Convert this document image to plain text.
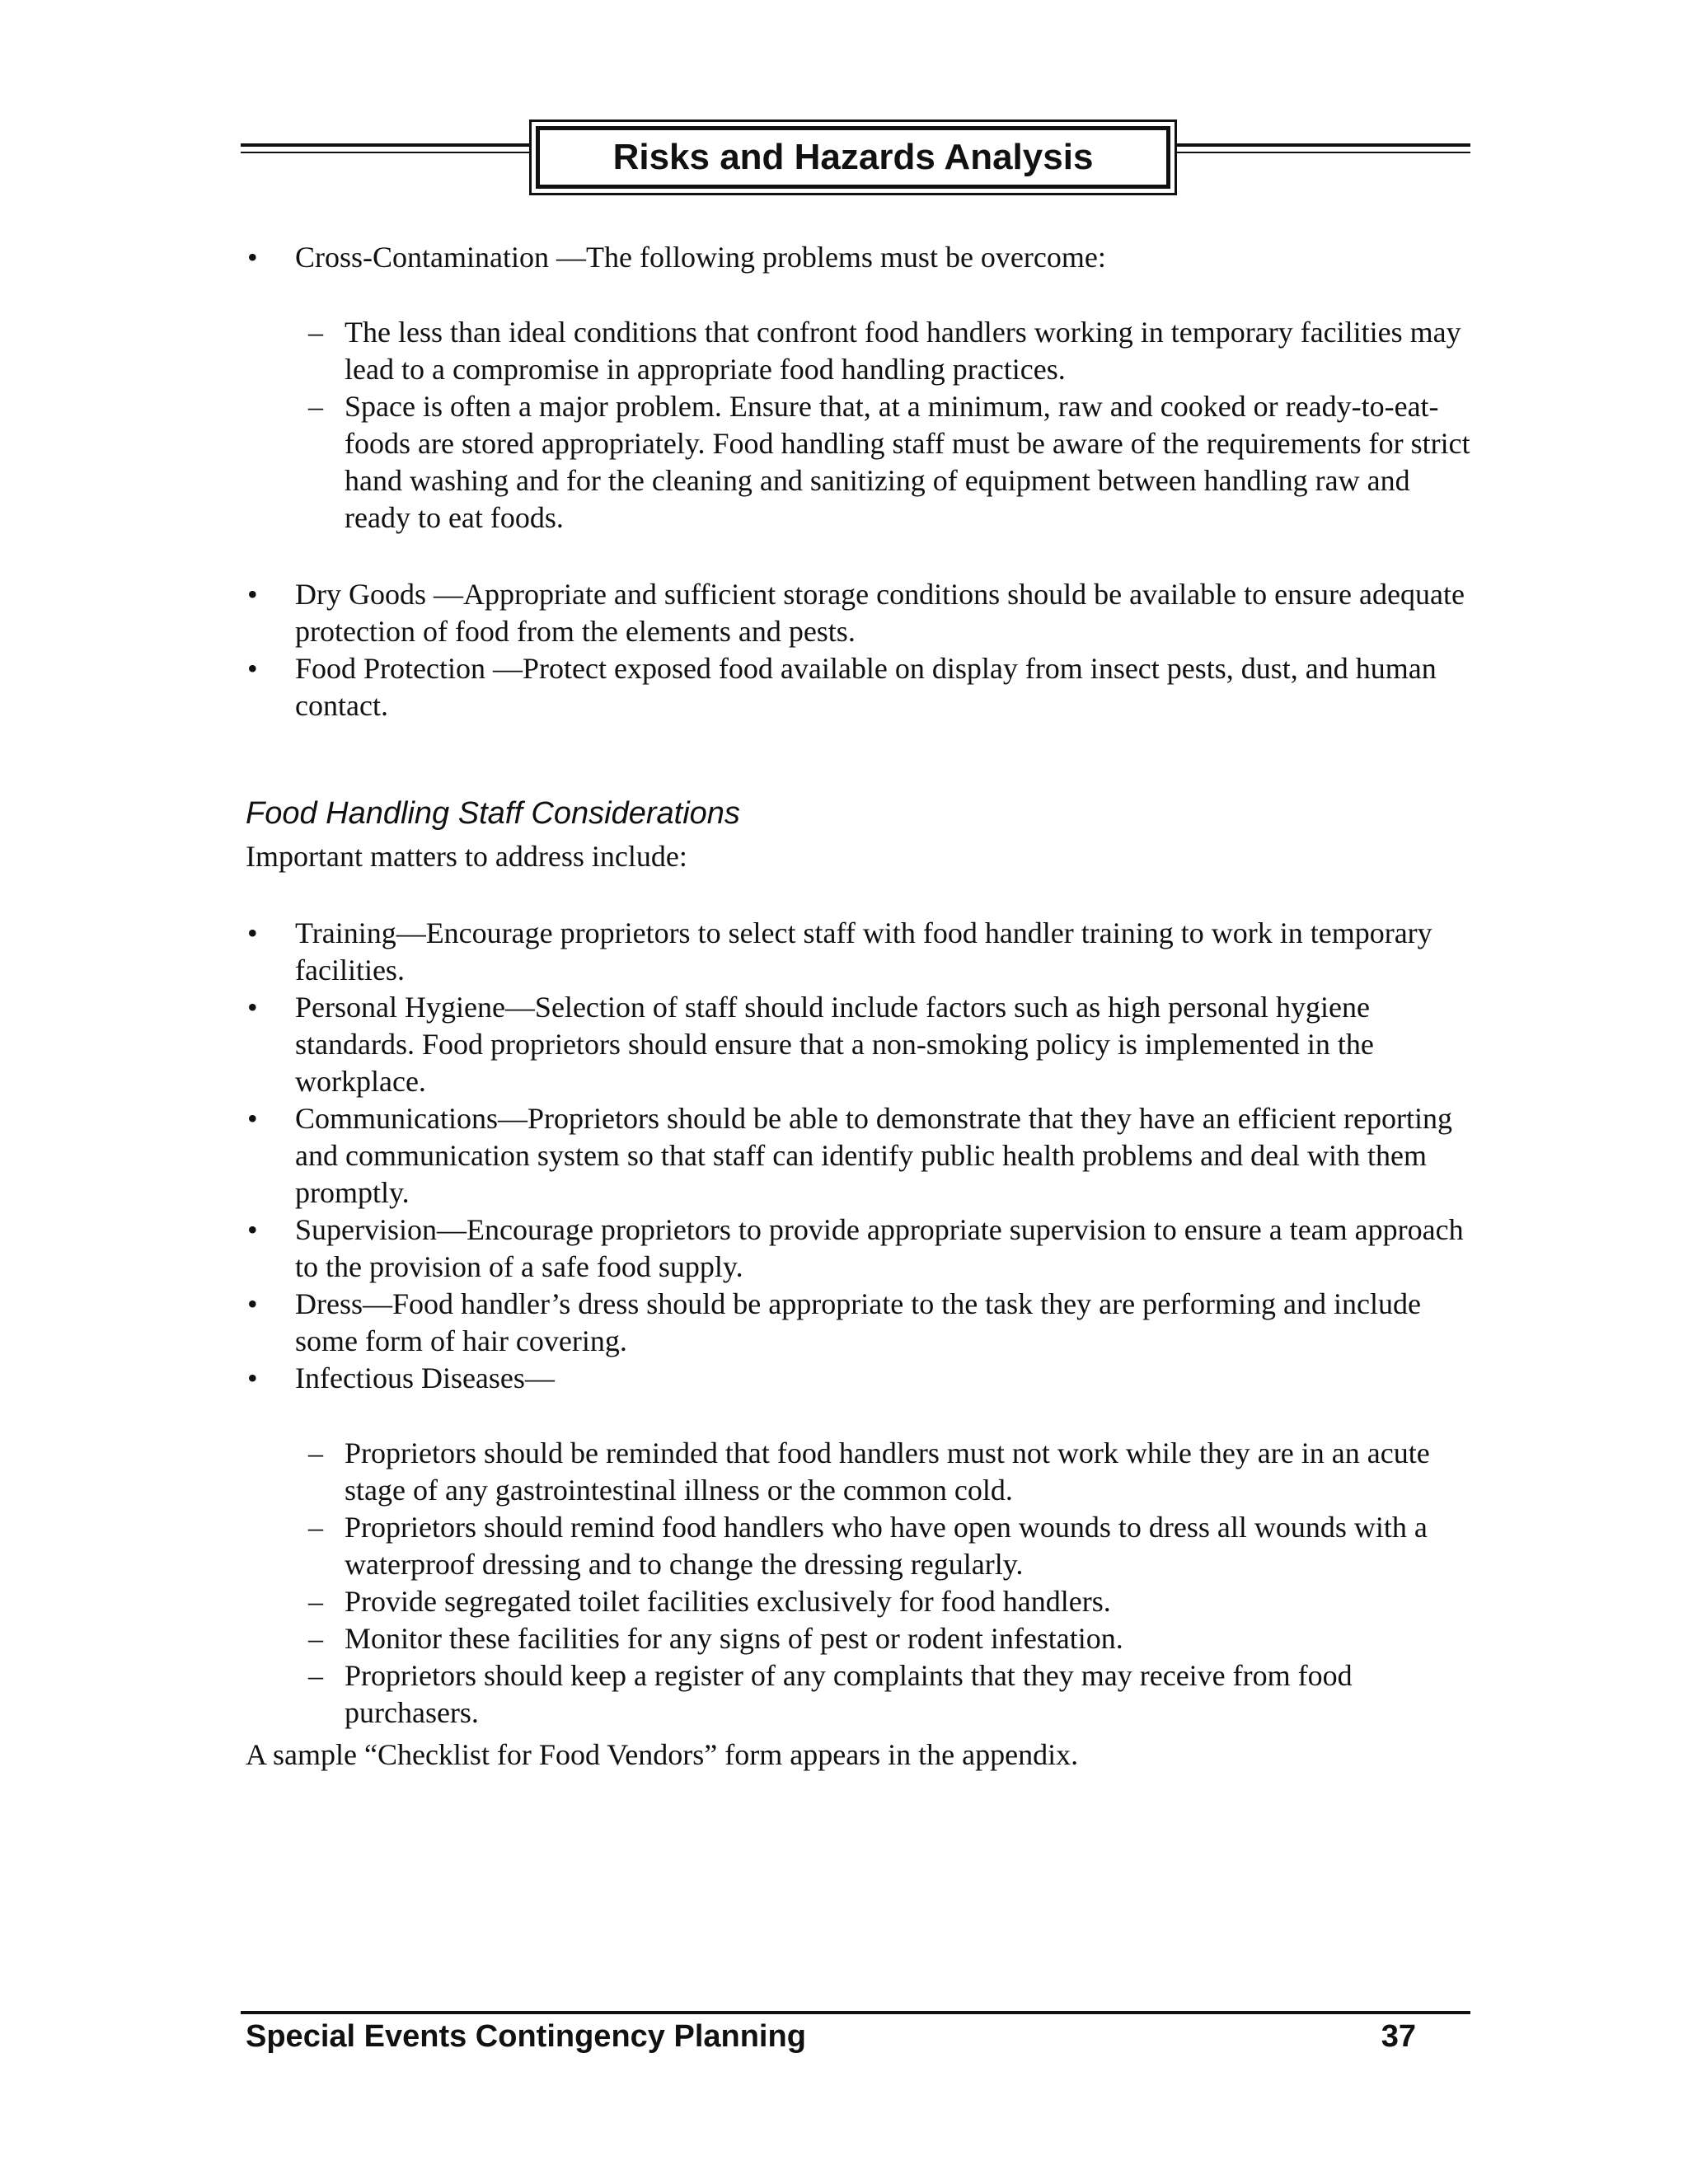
Risks and Hazards Analysis
• Cross-Contamination —The following problems must be overcome:
– The less than ideal conditions that confront food handlers working in temporary facilities may lead to a compromise in appropriate food handling practices.
– Space is often a major problem. Ensure that, at a minimum, raw and cooked or ready-to-eat-foods are stored appropriately. Food handling staff must be aware of the requirements for strict hand washing and for the cleaning and sanitizing of equipment between handling raw and ready to eat foods.
• Dry Goods —Appropriate and sufficient storage conditions should be available to ensure adequate protection of food from the elements and pests.
• Food Protection —Protect exposed food available on display from insect pests, dust, and human contact.
Food Handling Staff Considerations
Important matters to address include:
• Training—Encourage proprietors to select staff with food handler training to work in temporary facilities.
• Personal Hygiene—Selection of staff should include factors such as high personal hygiene standards. Food proprietors should ensure that a non-smoking policy is implemented in the workplace.
• Communications—Proprietors should be able to demonstrate that they have an efficient reporting and communication system so that staff can identify public health problems and deal with them promptly.
• Supervision—Encourage proprietors to provide appropriate supervision to ensure a team approach to the provision of a safe food supply.
• Dress—Food handler’s dress should be appropriate to the task they are performing and include some form of hair covering.
• Infectious Diseases—
– Proprietors should be reminded that food handlers must not work while they are in an acute stage of any gastrointestinal illness or the common cold.
– Proprietors should remind food handlers who have open wounds to dress all wounds with a waterproof dressing and to change the dressing regularly.
– Provide segregated toilet facilities exclusively for food handlers.
– Monitor these facilities for any signs of pest or rodent infestation.
– Proprietors should keep a register of any complaints that they may receive from food purchasers.
A sample “Checklist for Food Vendors” form appears in the appendix.
Special Events Contingency Planning	37
